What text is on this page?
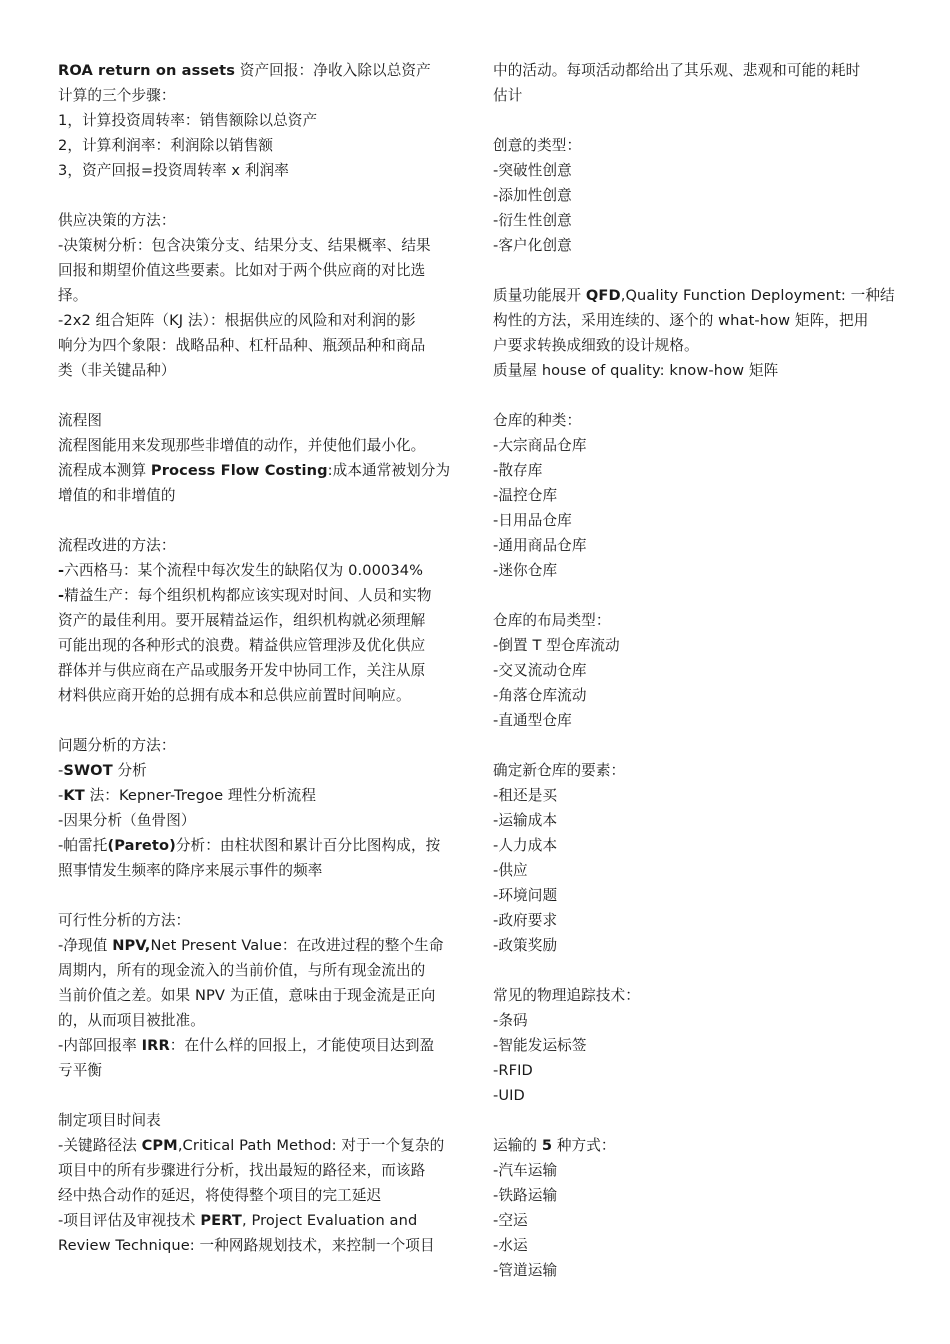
ROA return on assets 资产回报：净收入除以总资产
计算的三个步骤：
1，计算投资周转率：销售额除以总资产
2，计算利润率：利润除以销售额
3，资产回报=投资周转率 x 利润率
供应决策的方法：
-决策树分析：包含决策分支、结果分支、结果概率、结果
回报和期望价值这些要素。比如对于两个供应商的对比选
择。
-2x2 组合矩阵（KJ 法）：根据供应的风险和对利润的影
响分为四个象限：战略品种、杠杆品种、瓶颈品种和商品
类（非关键品种）
流程图
流程图能用来发现那些非增值的动作，并使他们最小化。
流程成本测算 Process Flow Costing:成本通常被划分为
增值的和非增值的
流程改进的方法：
-六西格马：某个流程中每次发生的缺陷仅为 0.00034%
-精益生产：每个组织机构都应该实现对时间、人员和实物
资产的最佳利用。要开展精益运作，组织机构就必须理解
可能出现的各种形式的浪费。精益供应管理涉及优化供应
群体并与供应商在产品或服务开发中协同工作，关注从原
材料供应商开始的总拥有成本和总供应前置时间响应。
问题分析的方法：
-SWOT 分析
-KT 法：Kepner-Tregoe 理性分析流程
-因果分析（鱼骨图）
-帕雷托(Pareto)分析：由柱状图和累计百分比图构成，按
照事情发生频率的降序来展示事件的频率
可行性分析的方法：
-净现值 NPV,Net Present Value：在改进过程的整个生命
周期内，所有的现金流入的当前价值，与所有现金流出的
当前价值之差。如果 NPV 为正值，意味由于现金流是正向
的，从而项目被批准。
-内部回报率 IRR：在什么样的回报上，才能使项目达到盈
亏平衡
制定项目时间表
-关键路径法 CPM,Critical Path Method: 对于一个复杂的
项目中的所有步骤进行分析，找出最短的路径来，而该路
经中热合动作的延迟，将使得整个项目的完工延迟
-项目评估及审视技术 PERT, Project Evaluation and
Review Technique: 一种网路规划技术，来控制一个项目
中的活动。每项活动都给出了其乐观、悲观和可能的耗时
估计
创意的类型：
-突破性创意
-添加性创意
-衍生性创意
-客户化创意
质量功能展开 QFD,Quality Function Deployment: 一种结
构性的方法，采用连续的、逐个的 what-how 矩阵，把用
户要求转换成细致的设计规格。
质量屋 house of quality: know-how 矩阵
仓库的种类：
-大宗商品仓库
-散存库
-温控仓库
-日用品仓库
-通用商品仓库
-迷你仓库
仓库的布局类型：
-倒置 T 型仓库流动
-交叉流动仓库
-角落仓库流动
-直通型仓库
确定新仓库的要素：
-租还是买
-运输成本
-人力成本
-供应
-环境问题
-政府要求
-政策奖励
常见的物理追踪技术：
-条码
-智能发运标签
-RFID
-UID
运输的 5 种方式：
-汽车运输
-铁路运输
-空运
-水运
-管道运输
